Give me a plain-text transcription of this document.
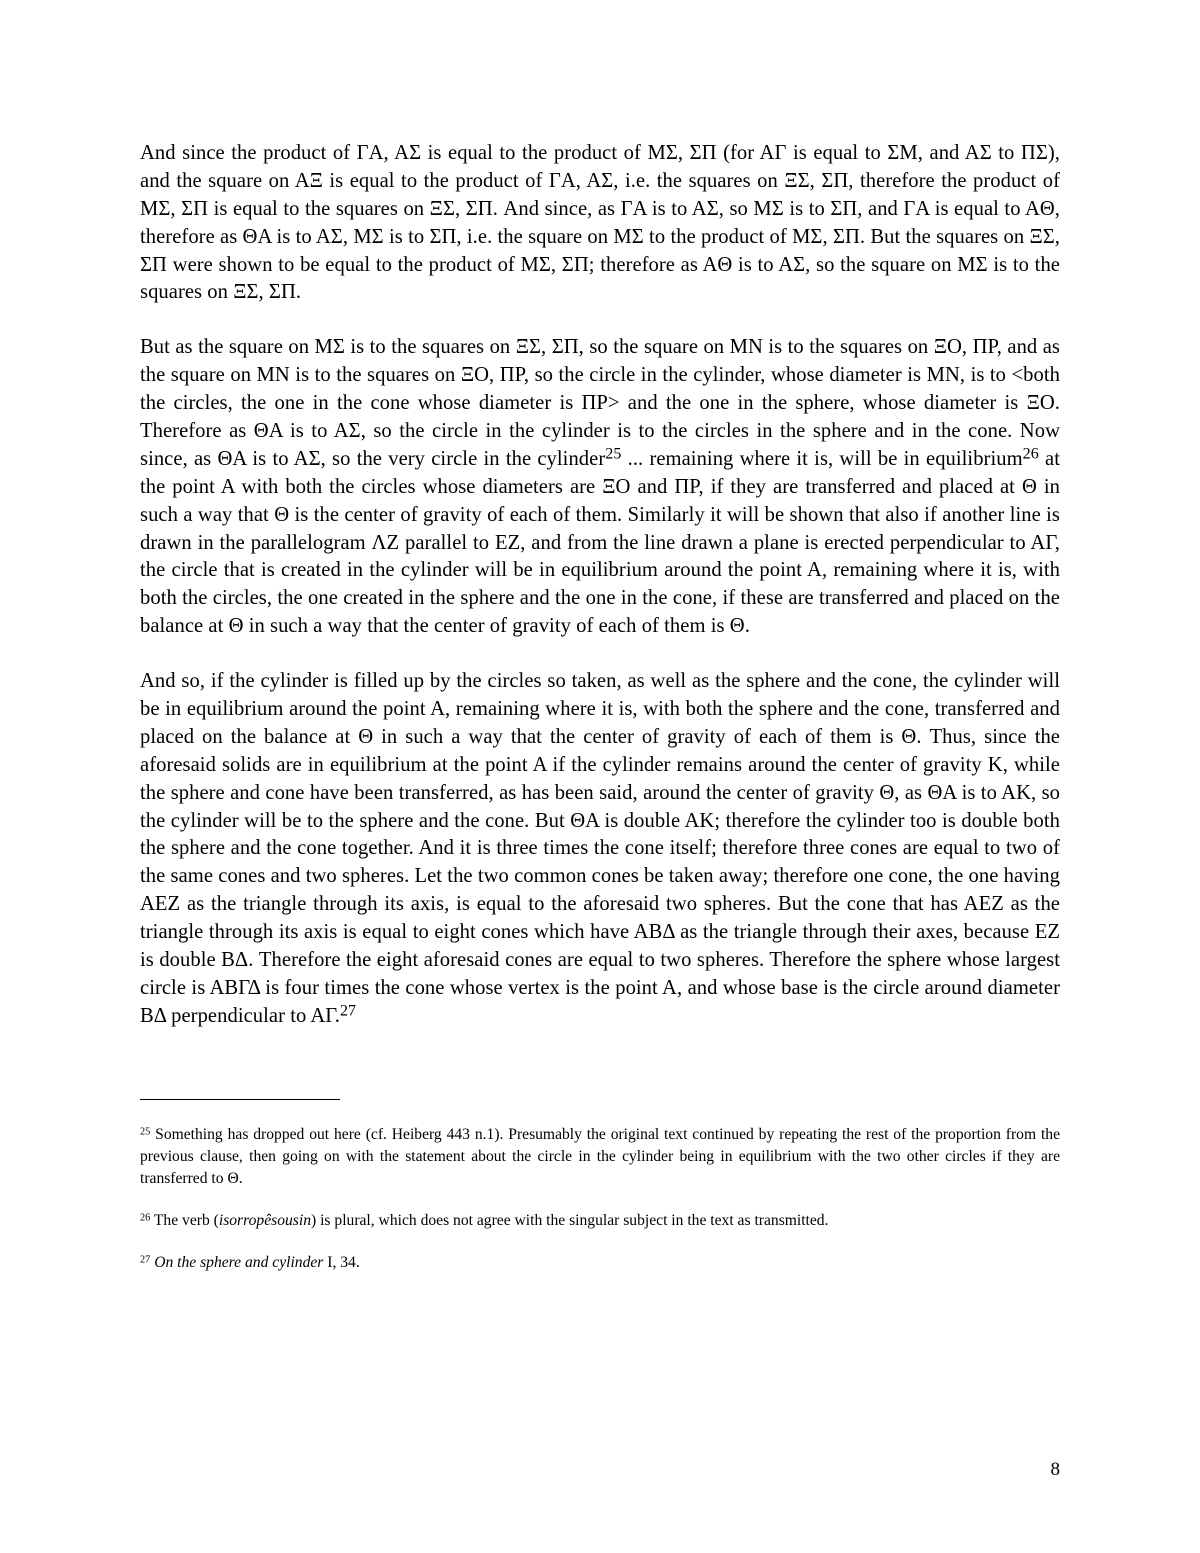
And since the product of ΓA, AΣ is equal to the product of MΣ, ΣΠ (for AΓ is equal to ΣM, and AΣ to ΠΣ), and the square on AΞ is equal to the product of ΓA, AΣ, i.e. the squares on ΞΣ, ΣΠ, therefore the product of MΣ, ΣΠ is equal to the squares on ΞΣ, ΣΠ. And since, as ΓA is to AΣ, so MΣ is to ΣΠ, and ΓA is equal to AΘ, therefore as ΘA is to AΣ, MΣ is to ΣΠ, i.e. the square on MΣ to the product of MΣ, ΣΠ. But the squares on ΞΣ, ΣΠ were shown to be equal to the product of MΣ, ΣΠ; therefore as AΘ is to AΣ, so the square on MΣ is to the squares on ΞΣ, ΣΠ.

But as the square on MΣ is to the squares on ΞΣ, ΣΠ, so the square on MN is to the squares on ΞO, ΠP, and as the square on MN is to the squares on ΞO, ΠP, so the circle in the cylinder, whose diameter is MN, is to <both the circles, the one in the cone whose diameter is ΠP> and the one in the sphere, whose diameter is ΞO. Therefore as ΘA is to AΣ, so the circle in the cylinder is to the circles in the sphere and in the cone. Now since, as ΘA is to AΣ, so the very circle in the cylinder$^{25}$ ... remaining where it is, will be in equilibrium$^{26}$ at the point A with both the circles whose diameters are ΞO and ΠP, if they are transferred and placed at Θ in such a way that Θ is the center of gravity of each of them. Similarly it will be shown that also if another line is drawn in the parallelogram ΛZ parallel to EZ, and from the line drawn a plane is erected perpendicular to AΓ, the circle that is created in the cylinder will be in equilibrium around the point A, remaining where it is, with both the circles, the one created in the sphere and the one in the cone, if these are transferred and placed on the balance at Θ in such a way that the center of gravity of each of them is Θ.

And so, if the cylinder is filled up by the circles so taken, as well as the sphere and the cone, the cylinder will be in equilibrium around the point A, remaining where it is, with both the sphere and the cone, transferred and placed on the balance at Θ in such a way that the center of gravity of each of them is Θ. Thus, since the aforesaid solids are in equilibrium at the point A if the cylinder remains around the center of gravity K, while the sphere and cone have been transferred, as has been said, around the center of gravity Θ, as ΘA is to AK, so the cylinder will be to the sphere and the cone. But ΘA is double AK; therefore the cylinder too is double both the sphere and the cone together. And it is three times the cone itself; therefore three cones are equal to two of the same cones and two spheres. Let the two common cones be taken away; therefore one cone, the one having AEZ as the triangle through its axis, is equal to the aforesaid two spheres. But the cone that has AEZ as the triangle through its axis is equal to eight cones which have ABΔ as the triangle through their axes, because EZ is double BΔ. Therefore the eight aforesaid cones are equal to two spheres. Therefore the sphere whose largest circle is ABΓΔ is four times the cone whose vertex is the point A, and whose base is the circle around diameter BΔ perpendicular to AΓ.$^{27}$

$^{25}$ Something has dropped out here (cf. Heiberg 443 n.1). Presumably the original text continued by repeating the rest of the proportion from the previous clause, then going on with the statement about the circle in the cylinder being in equilibrium with the two other circles if they are transferred to Θ.

$^{26}$ The verb (isorropêsousin) is plural, which does not agree with the singular subject in the text as transmitted.

$^{27}$ On the sphere and cylinder I, 34.

8
